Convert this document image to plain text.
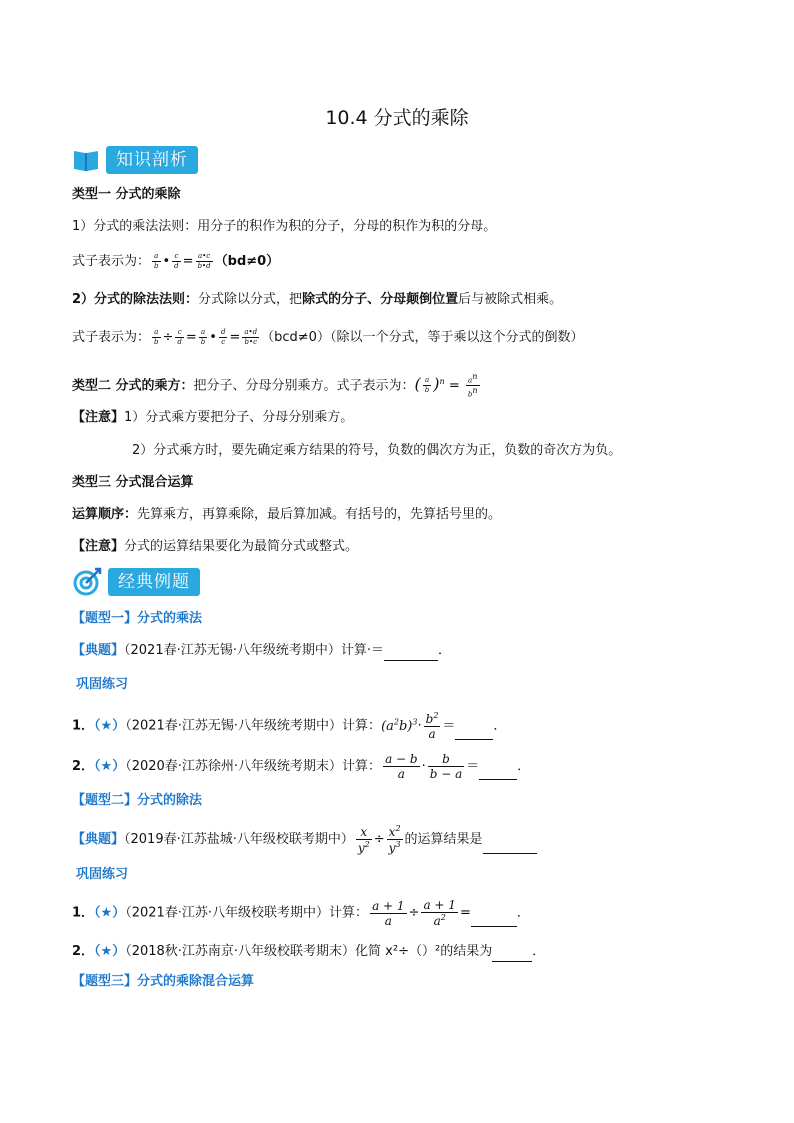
10.4 分式的乘除
知识剖析
类型一 分式的乘除
1）分式的乘法法则：用分子的积作为积的分子，分母的积作为积的分母。
式子表示为： $\frac{a}{b}$ • $\frac{c}{d} = \frac{a•c}{b•d} (bd\ne 0)$
2）分式的除法法则：分式除以分式，把除式的分子、分母颠倒位置后与被除式相乘。
式子表示为： $\frac{a}{b} \div \frac{c}{d} = \frac{a}{b}$ • $\frac{d}{c} = \frac{a•d}{b•c} (bcd\ne 0)$（除以一个分式，等于乘以这个分式的倒数）
类型二 分式的乘方：把分子、分母分别乘方。式子表示为：( $\frac{a}{b} )^n = \frac{a^n}{b^n}$
【注意】1）分式乘方要把分子、分母分别乘方。
2）分式乘方时，要先确定乘方结果的符号，负数的偶次方为正，负数的奇次方为负。
类型三 分式混合运算
运算顺序：先算乘方，再算乘除，最后算加减。有括号的，先算括号里的。
【注意】分式的运算结果要化为最简分式或整式。
经典例题
【题型一】分式的乘法
【典题】（2021春·江苏无锡·八年级统考期中）计算·＝	．
巩固练习
1．（★）（2021春·江苏无锡·八年级统考期中）计算：$(a^2b)^3\cdot \frac{b^2}{a}$ ＝	．
2．（★）（2020春·江苏徐州·八年级统考期末）计算： $\frac{a - b}{a} \cdot \frac{b}{b - a}$ ＝	．
【题型二】分式的除法
【典题】（2019春·江苏盐城·八年级校联考期中） $\frac{x}{y^2} \div \frac{x^2}{y^3}$ 的运算结果是
巩固练习
1．（★）（2021春·江苏·八年级校联考期中）计算： $\frac{a + 1}{a} \div \frac{a + 1}{a^2}$ =	．
2．（★）（2018秋·江苏南京·八年级校联考期末）化简 x²÷（）²的结果为	．
【题型三】分式的乘除混合运算
